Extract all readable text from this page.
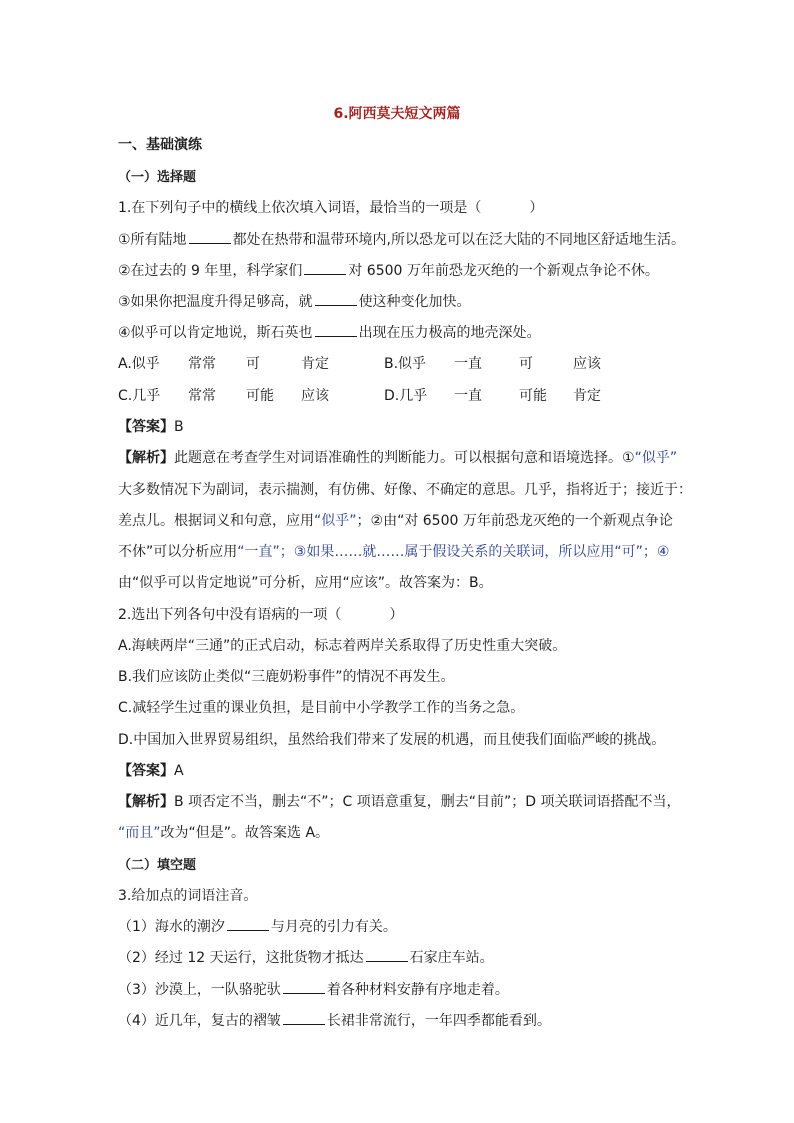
6.阿西莫夫短文两篇
一、基础演练
（一）选择题
1.在下列句子中的横线上依次填入词语，最恰当的一项是（	）
①所有陆地	都处在热带和温带环境内,所以恐龙可以在泛大陆的不同地区舒适地生活。
②在过去的 9 年里，科学家们	对 6500 万年前恐龙灭绝的一个新观点争论不休。
③如果你把温度升得足够高，就	使这种变化加快。
④似乎可以肯定地说，斯石英也	出现在压力极高的地壳深处。
A.似乎 常常 可	肯定	B.似乎 一直	可	应该
C.几乎 常常 可能 应该	D.几乎 一直	可能 肯定
【答案】B
【解析】此题意在考查学生对词语准确性的判断能力。可以根据句意和语境选择。①“似乎”
大多数情况下为副词，表示揣测，有仿佛、好像、不确定的意思。几乎，指将近于；接近于：
差点儿。根据词义和句意，应用“似乎”；②由“对 6500 万年前恐龙灭绝的一个新观点争论
不休”可以分析应用“一直”；③如果……就……属于假设关系的关联词，所以应用“可”；④
由“似乎可以肯定地说”可分析，应用“应该”。故答案为：B。
2.选出下列各句中没有语病的一项（	）
A.海峡两岸“三通”的正式启动，标志着两岸关系取得了历史性重大突破。
B.我们应该防止类似“三鹿奶粉事件”的情况不再发生。
C.减轻学生过重的课业负担，是目前中小学教学工作的当务之急。
D.中国加入世界贸易组织，虽然给我们带来了发展的机遇，而且使我们面临严峻的挑战。
【答案】A
【解析】B 项否定不当，删去“不”；C 项语意重复，删去“目前”；D 项关联词语搭配不当，
“而且”改为“但是”。故答案选 A。
（二）填空题
3.给加点的词语注音。
（1）海水的潮汐	与月亮的引力有关。
（2）经过 12 天运行，这批货物才抵达	石家庄车站。
（3）沙漠上，一队骆驼驮	着各种材料安静有序地走着。
（4）近几年，复古的褶皱	长裙非常流行，一年四季都能看到。
